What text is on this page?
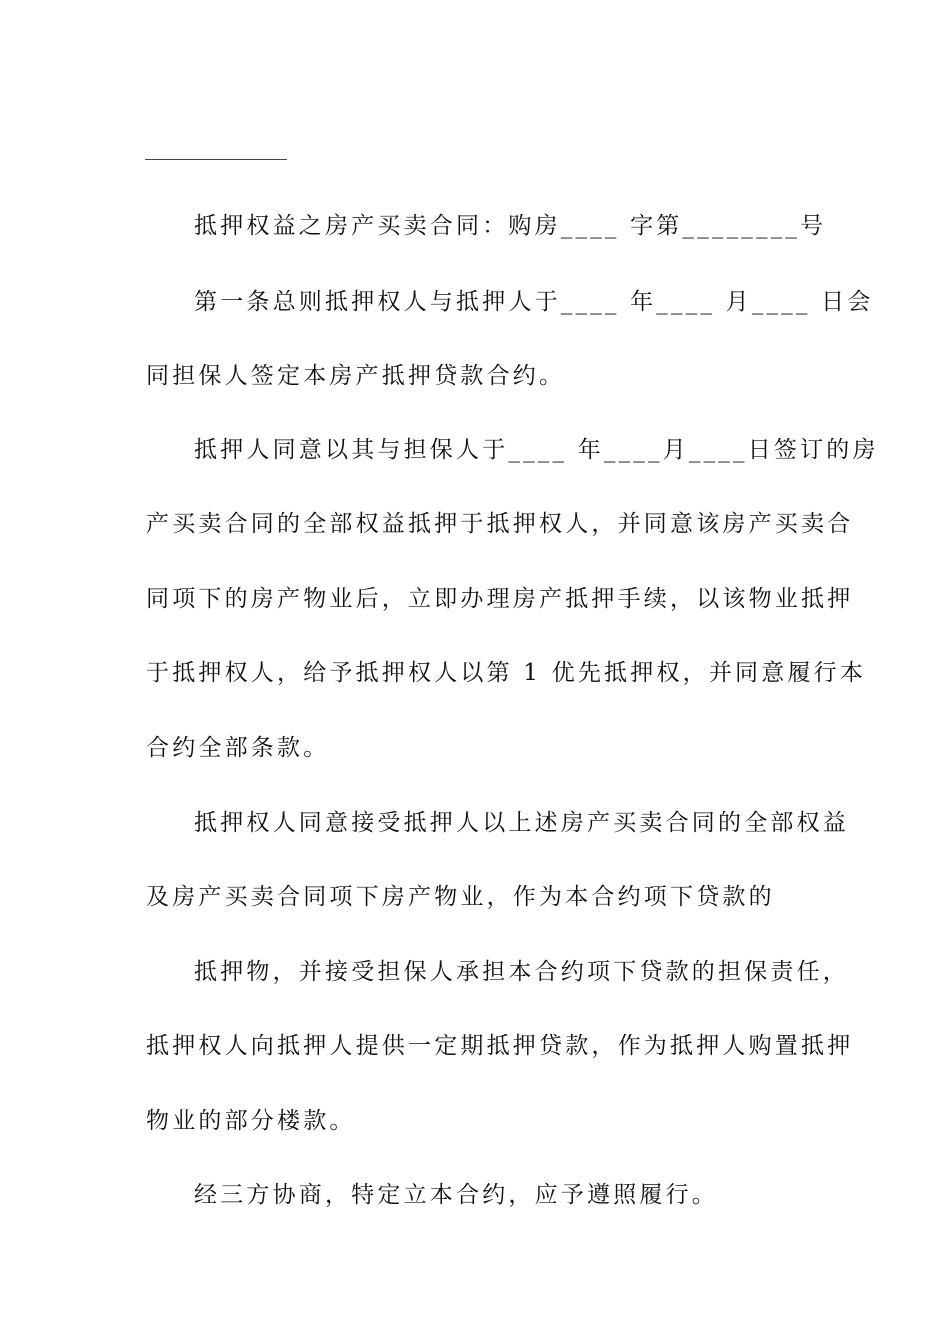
抵押权益之房产买卖合同：购房____ 字第________号

第一条总则抵押权人与抵押人于____ 年____ 月____ 日会

同担保人签定本房产抵押贷款合约。

抵押人同意以其与担保人于____ 年____月____日签订的房

产买卖合同的全部权益抵押于抵押权人，并同意该房产买卖合

同项下的房产物业后，立即办理房产抵押手续，以该物业抵押

于抵押权人，给予抵押权人以第 1 优先抵押权，并同意履行本

合约全部条款。

抵押权人同意接受抵押人以上述房产买卖合同的全部权益

及房产买卖合同项下房产物业，作为本合约项下贷款的

抵押物，并接受担保人承担本合约项下贷款的担保责任，

抵押权人向抵押人提供一定期抵押贷款，作为抵押人购置抵押

物业的部分楼款。

经三方协商，特定立本合约，应予遵照履行。
